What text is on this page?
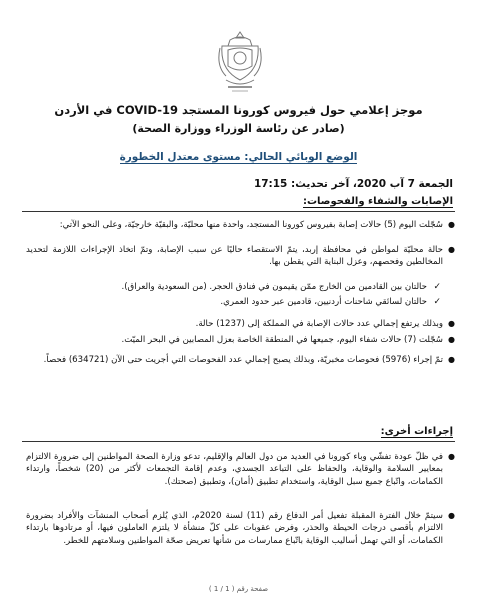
موجز إعلامي حول فيروس كورونا المستجد COVID-19 في الأردن
(صادر عن رئاسة الوزراء ووزارة الصحة)
الوضع الوبائي الحالي: مستوى معتدل الخطورة
الجمعة 7 آب 2020، آخر تحديث: 17:15
الإصابات والشفاء والفحوصات:
●
سُجّلت اليوم (5) حالات إصابة بفيروس كورونا المستجد، واحدة منها محليّة، والبقيّة خارجيّة، وعلى النحو الآتي:
●
حالة محليّة لمواطن في محافظة إربد، يتمّ الاستقصاء حاليًا عن سبب الإصابة، وتمّ اتخاذ الإجراءات اللازمة لتحديد المخالطين وفحصهم، وعزل البناية التي يقطن بها.
✓
حالتان بين القادمين من الخارج ممّن يقيمون في فنادق الحجر. (من السعودية والعراق).
✓
حالتان لسائقي شاحنات أردنيين، قادمين عبر حدود العمري.
●
وبذلك يرتفع إجمالي عدد حالات الإصابة في المملكة إلى (1237) حالة.
●
سُجّلت (7) حالات شفاء اليوم، جميعها في المنطقة الخاصة بعزل المصابين في البحر الميّت.
●
تمّ إجراء (5976) فحوصات مخبريّة، وبذلك يصبح إجمالي عدد الفحوصات التي أجريت حتى الآن (634721) فحصاً.
إجراءات أخرى:
●
في ظلّ عودة تفشّي وباء كورونا في العديد من دول العالم والإقليم، تدعو وزارة الصحة المواطنين إلى ضرورة الالتزام بمعايير السلامة والوقاية، والحفاظ على التباعد الجسدي، وعدم إقامة التجمعات لأكثر من (20) شخصاً، وارتداء الكمامات، واتّباع جميع سبل الوقاية، واستخدام تطبيق (أمان)، وتطبيق (صحتك).
●
سيتمّ خلال الفترة المقبلة تفعيل أمر الدفاع رقم (11) لسنة 2020م، الذي يُلزم أصحاب المنشآت والأفراد بضرورة الالتزام بأقصى درجات الحيطة والحذر، وفرض عقوبات على كلّ منشأة لا يلتزم العاملون فيها، أو مرتادوها بارتداء الكمامات، أو التي تهمل أساليب الوقاية باتّباع ممارسات من شأنها تعريض صحّة المواطنين وسلامتهم للخطر.
صفحة رقم ( 1 / 1 )
